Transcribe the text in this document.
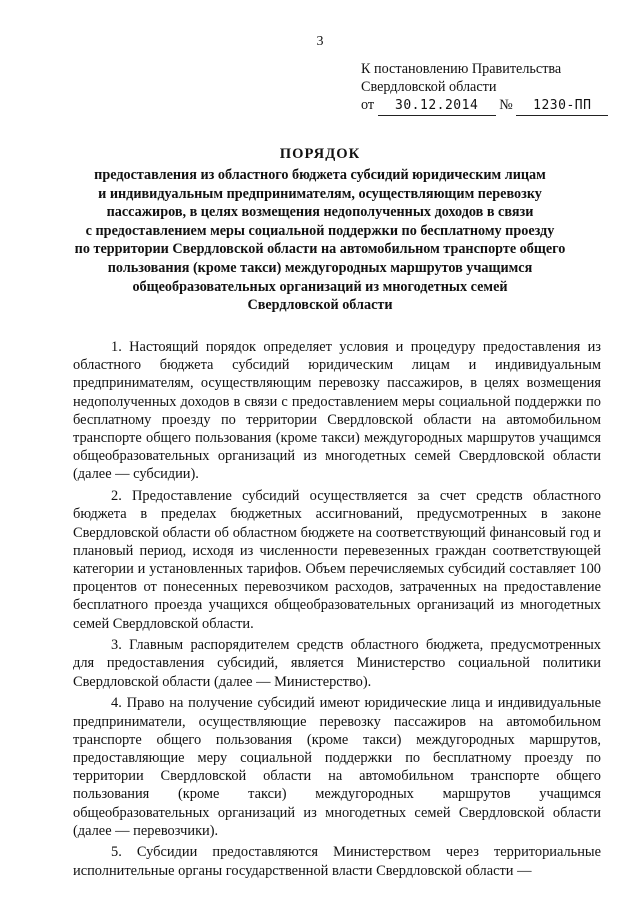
3
К постановлению Правительства
Свердловской области
от 30.12.2014 № 1230-ПП
ПОРЯДОК
предоставления из областного бюджета субсидий юридическим лицам
и индивидуальным предпринимателям, осуществляющим перевозку
пассажиров, в целях возмещения недополученных доходов в связи
с предоставлением меры социальной поддержки по бесплатному проезду
по территории Свердловской области на автомобильном транспорте общего
пользования (кроме такси) междугородных маршрутов учащимся
общеобразовательных организаций из многодетных семей
Свердловской области

1. Настоящий порядок определяет условия и процедуру предоставления из областного бюджета субсидий юридическим лицам и индивидуальным предпринимателям, осуществляющим перевозку пассажиров, в целях возмещения недополученных доходов в связи с предоставлением меры социальной поддержки по бесплатному проезду по территории Свердловской области на автомобильном транспорте общего пользования (кроме такси) междугородных маршрутов учащимся общеобразовательных организаций из многодетных семей Свердловской области (далее — субсидии).

2. Предоставление субсидий осуществляется за счет средств областного бюджета в пределах бюджетных ассигнований, предусмотренных в законе Свердловской области об областном бюджете на соответствующий финансовый год и плановый период, исходя из численности перевезенных граждан соответствующей категории и установленных тарифов. Объем перечисляемых субсидий составляет 100 процентов от понесенных перевозчиком расходов, затраченных на предоставление бесплатного проезда учащихся общеобразовательных организаций из многодетных семей Свердловской области.

3. Главным распорядителем средств областного бюджета, предусмотренных для предоставления субсидий, является Министерство социальной политики Свердловской области (далее — Министерство).

4. Право на получение субсидий имеют юридические лица и индивидуальные предприниматели, осуществляющие перевозку пассажиров на автомобильном транспорте общего пользования (кроме такси) междугородных маршрутов, предоставляющие меру социальной поддержки по бесплатному проезду по территории Свердловской области на автомобильном транспорте общего пользования (кроме такси) междугородных маршрутов учащимся общеобразовательных организаций из многодетных семей Свердловской области (далее — перевозчики).

5. Субсидии предоставляются Министерством через территориальные исполнительные органы государственной власти Свердловской области —
